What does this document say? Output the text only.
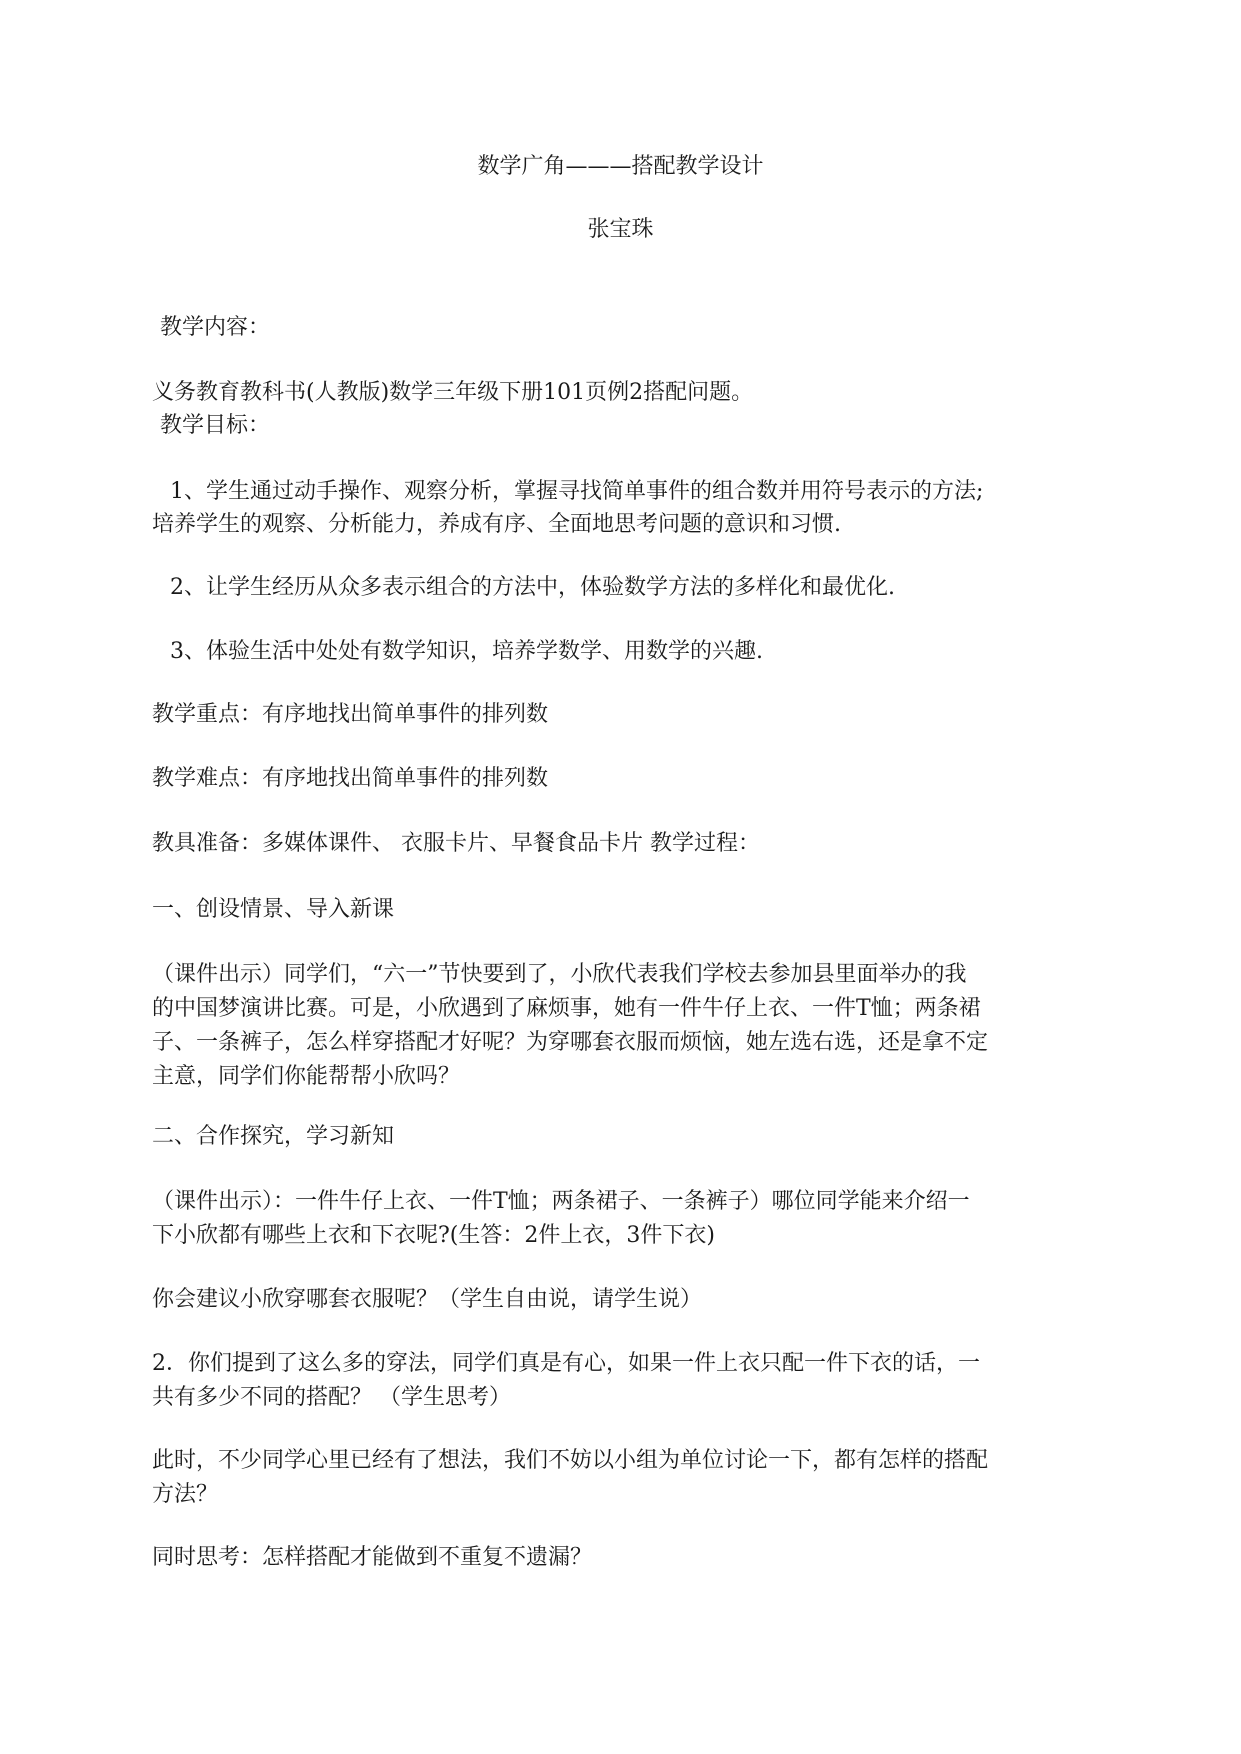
数学广角———搭配教学设计
张宝珠
教学内容：
义务教育教科书(人教版)数学三年级下册101页例2搭配问题。
教学目标：
1、学生通过动手操作、观察分析，掌握寻找简单事件的组合数并用符号表示的方法;
培养学生的观察、分析能力，养成有序、全面地思考问题的意识和习惯.
2、让学生经历从众多表示组合的方法中，体验数学方法的多样化和最优化.
3、体验生活中处处有数学知识，培养学数学、用数学的兴趣.
教学重点：有序地找出简单事件的排列数
教学难点：有序地找出简单事件的排列数
教具准备：多媒体课件、 衣服卡片、早餐食品卡片 教学过程：
一、创设情景、导入新课
（课件出示）同学们，“六一”节快要到了，小欣代表我们学校去参加县里面举办的我
的中国梦演讲比赛。可是，小欣遇到了麻烦事，她有一件牛仔上衣、一件T恤；两条裙
子、一条裤子，怎么样穿搭配才好呢？为穿哪套衣服而烦恼，她左选右选，还是拿不定
主意，同学们你能帮帮小欣吗？
二、合作探究，学习新知
（课件出示）：一件牛仔上衣、一件T恤；两条裙子、一条裤子）哪位同学能来介绍一
下小欣都有哪些上衣和下衣呢?(生答：2件上衣，3件下衣)
你会建议小欣穿哪套衣服呢？（学生自由说，请学生说）
2．你们提到了这么多的穿法，同学们真是有心，如果一件上衣只配一件下衣的话，一
共有多少不同的搭配？ （学生思考）
此时，不少同学心里已经有了想法，我们不妨以小组为单位讨论一下，都有怎样的搭配
方法？
同时思考：怎样搭配才能做到不重复不遗漏？
